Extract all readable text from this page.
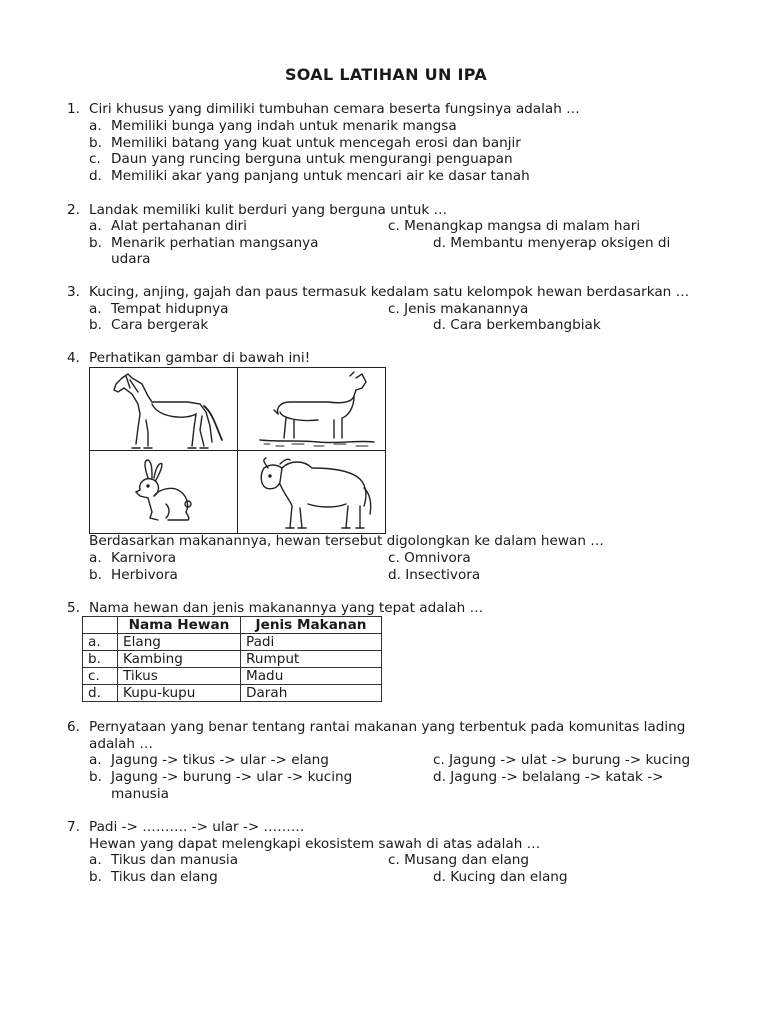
SOAL LATIHAN UN IPA
1. Ciri khusus yang dimiliki tumbuhan cemara beserta fungsinya adalah …
a. Memiliki bunga yang indah untuk menarik mangsa
b. Memiliki batang yang kuat untuk mencegah erosi dan banjir
c. Daun yang runcing berguna untuk mengurangi penguapan
d. Memiliki akar yang panjang untuk mencari air ke dasar tanah
2. Landak memiliki kulit berduri yang berguna untuk …
a. Alat pertahanan diri	c. Menangkap mangsa di malam hari
b. Menarik perhatian mangsanya	d. Membantu menyerap oksigen di
udara
3. Kucing, anjing, gajah dan paus termasuk kedalam satu kelompok hewan berdasarkan …
a. Tempat hidupnya	c. Jenis makanannya
b. Cara bergerak	d. Cara berkembangbiak
4. Perhatikan gambar di bawah ini!
Berdasarkan makanannya, hewan tersebut digolongkan ke dalam hewan …
a. Karnivora	c. Omnivora
b. Herbivora	d. Insectivora
5. Nama hewan dan jenis makanannya yang tepat adalah …
	Nama Hewan	Jenis Makanan
a.	Elang	Padi
b.	Kambing	Rumput
c.	Tikus	Madu
d.	Kupu-kupu	Darah
6. Pernyataan yang benar tentang rantai makanan yang terbentuk pada komunitas lading
adalah …
a. Jagung -> tikus -> ular -> elang	c. Jagung -> ulat -> burung -> kucing
b. Jagung -> burung -> ular -> kucing	d. Jagung -> belalang -> katak ->
manusia
7. Padi -> ………. -> ular -> ………
Hewan yang dapat melengkapi ekosistem sawah di atas adalah …
a. Tikus dan manusia	c. Musang dan elang
b. Tikus dan elang	d. Kucing dan elang
